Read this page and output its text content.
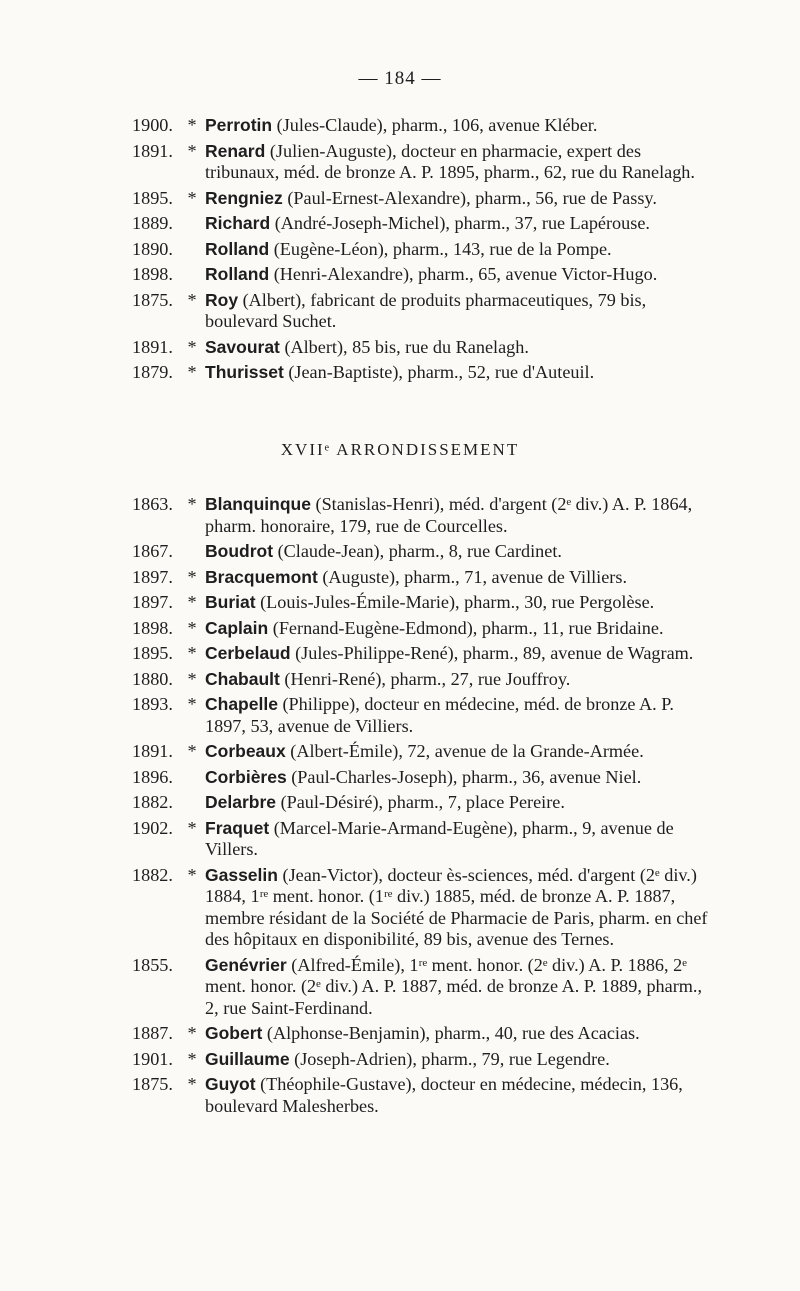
— 184 —
1900. * Perrotin (Jules-Claude), pharm., 106, avenue Kléber.
1891. * Renard (Julien-Auguste), docteur en pharmacie, expert des tribunaux, méd. de bronze A. P. 1895, pharm., 62, rue du Ranelagh.
1895. * Rengniez (Paul-Ernest-Alexandre), pharm., 56, rue de Passy.
1889.	Richard (André-Joseph-Michel), pharm., 37, rue Lapérouse.
1890.	Rolland (Eugène-Léon), pharm., 143, rue de la Pompe.
1898.	Rolland (Henri-Alexandre), pharm., 65, avenue Victor-Hugo.
1875. * Roy (Albert), fabricant de produits pharmaceutiques, 79 bis, boulevard Suchet.
1891. * Savourat (Albert), 85 bis, rue du Ranelagh.
1879. * Thurisset (Jean-Baptiste), pharm., 52, rue d'Auteuil.
XVIIᵉ ARRONDISSEMENT
1863. * Blanquinque (Stanislas-Henri), méd. d'argent (2ᵉ div.) A. P. 1864, pharm. honoraire, 179, rue de Courcelles.
1867.	Boudrot (Claude-Jean), pharm., 8, rue Cardinet.
1897. * Bracquemont (Auguste), pharm., 71, avenue de Villiers.
1897. * Buriat (Louis-Jules-Émile-Marie), pharm., 30, rue Pergolèse.
1898. * Caplain (Fernand-Eugène-Edmond), pharm., 11, rue Bridaine.
1895. * Cerbelaud (Jules-Philippe-René), pharm., 89, avenue de Wagram.
1880. * Chabault (Henri-René), pharm., 27, rue Jouffroy.
1893. * Chapelle (Philippe), docteur en médecine, méd. de bronze A. P. 1897, 53, avenue de Villiers.
1891. * Corbeaux (Albert-Émile), 72, avenue de la Grande-Armée.
1896.	Corbières (Paul-Charles-Joseph), pharm., 36, avenue Niel.
1882.	Delarbre (Paul-Désiré), pharm., 7, place Pereire.
1902. * Fraquet (Marcel-Marie-Armand-Eugène), pharm., 9, avenue de Villers.
1882. * Gasselin (Jean-Victor), docteur ès-sciences, méd. d'argent (2ᵉ div.) 1884, 1ʳᵉ ment. honor. (1ʳᵉ div.) 1885, méd. de bronze A. P. 1887, membre résidant de la Société de Pharmacie de Paris, pharm. en chef des hôpitaux en disponibilité, 89 bis, avenue des Ternes.
1855.	Genévrier (Alfred-Émile), 1ʳᵉ ment. honor. (2ᵉ div.) A. P. 1886, 2ᵉ ment. honor. (2ᵉ div.) A. P. 1887, méd. de bronze A. P. 1889, pharm., 2, rue Saint-Ferdinand.
1887. * Gobert (Alphonse-Benjamin), pharm., 40, rue des Acacias.
1901. * Guillaume (Joseph-Adrien), pharm., 79, rue Legendre.
1875. * Guyot (Théophile-Gustave), docteur en médecine, médecin, 136, boulevard Malesherbes.
